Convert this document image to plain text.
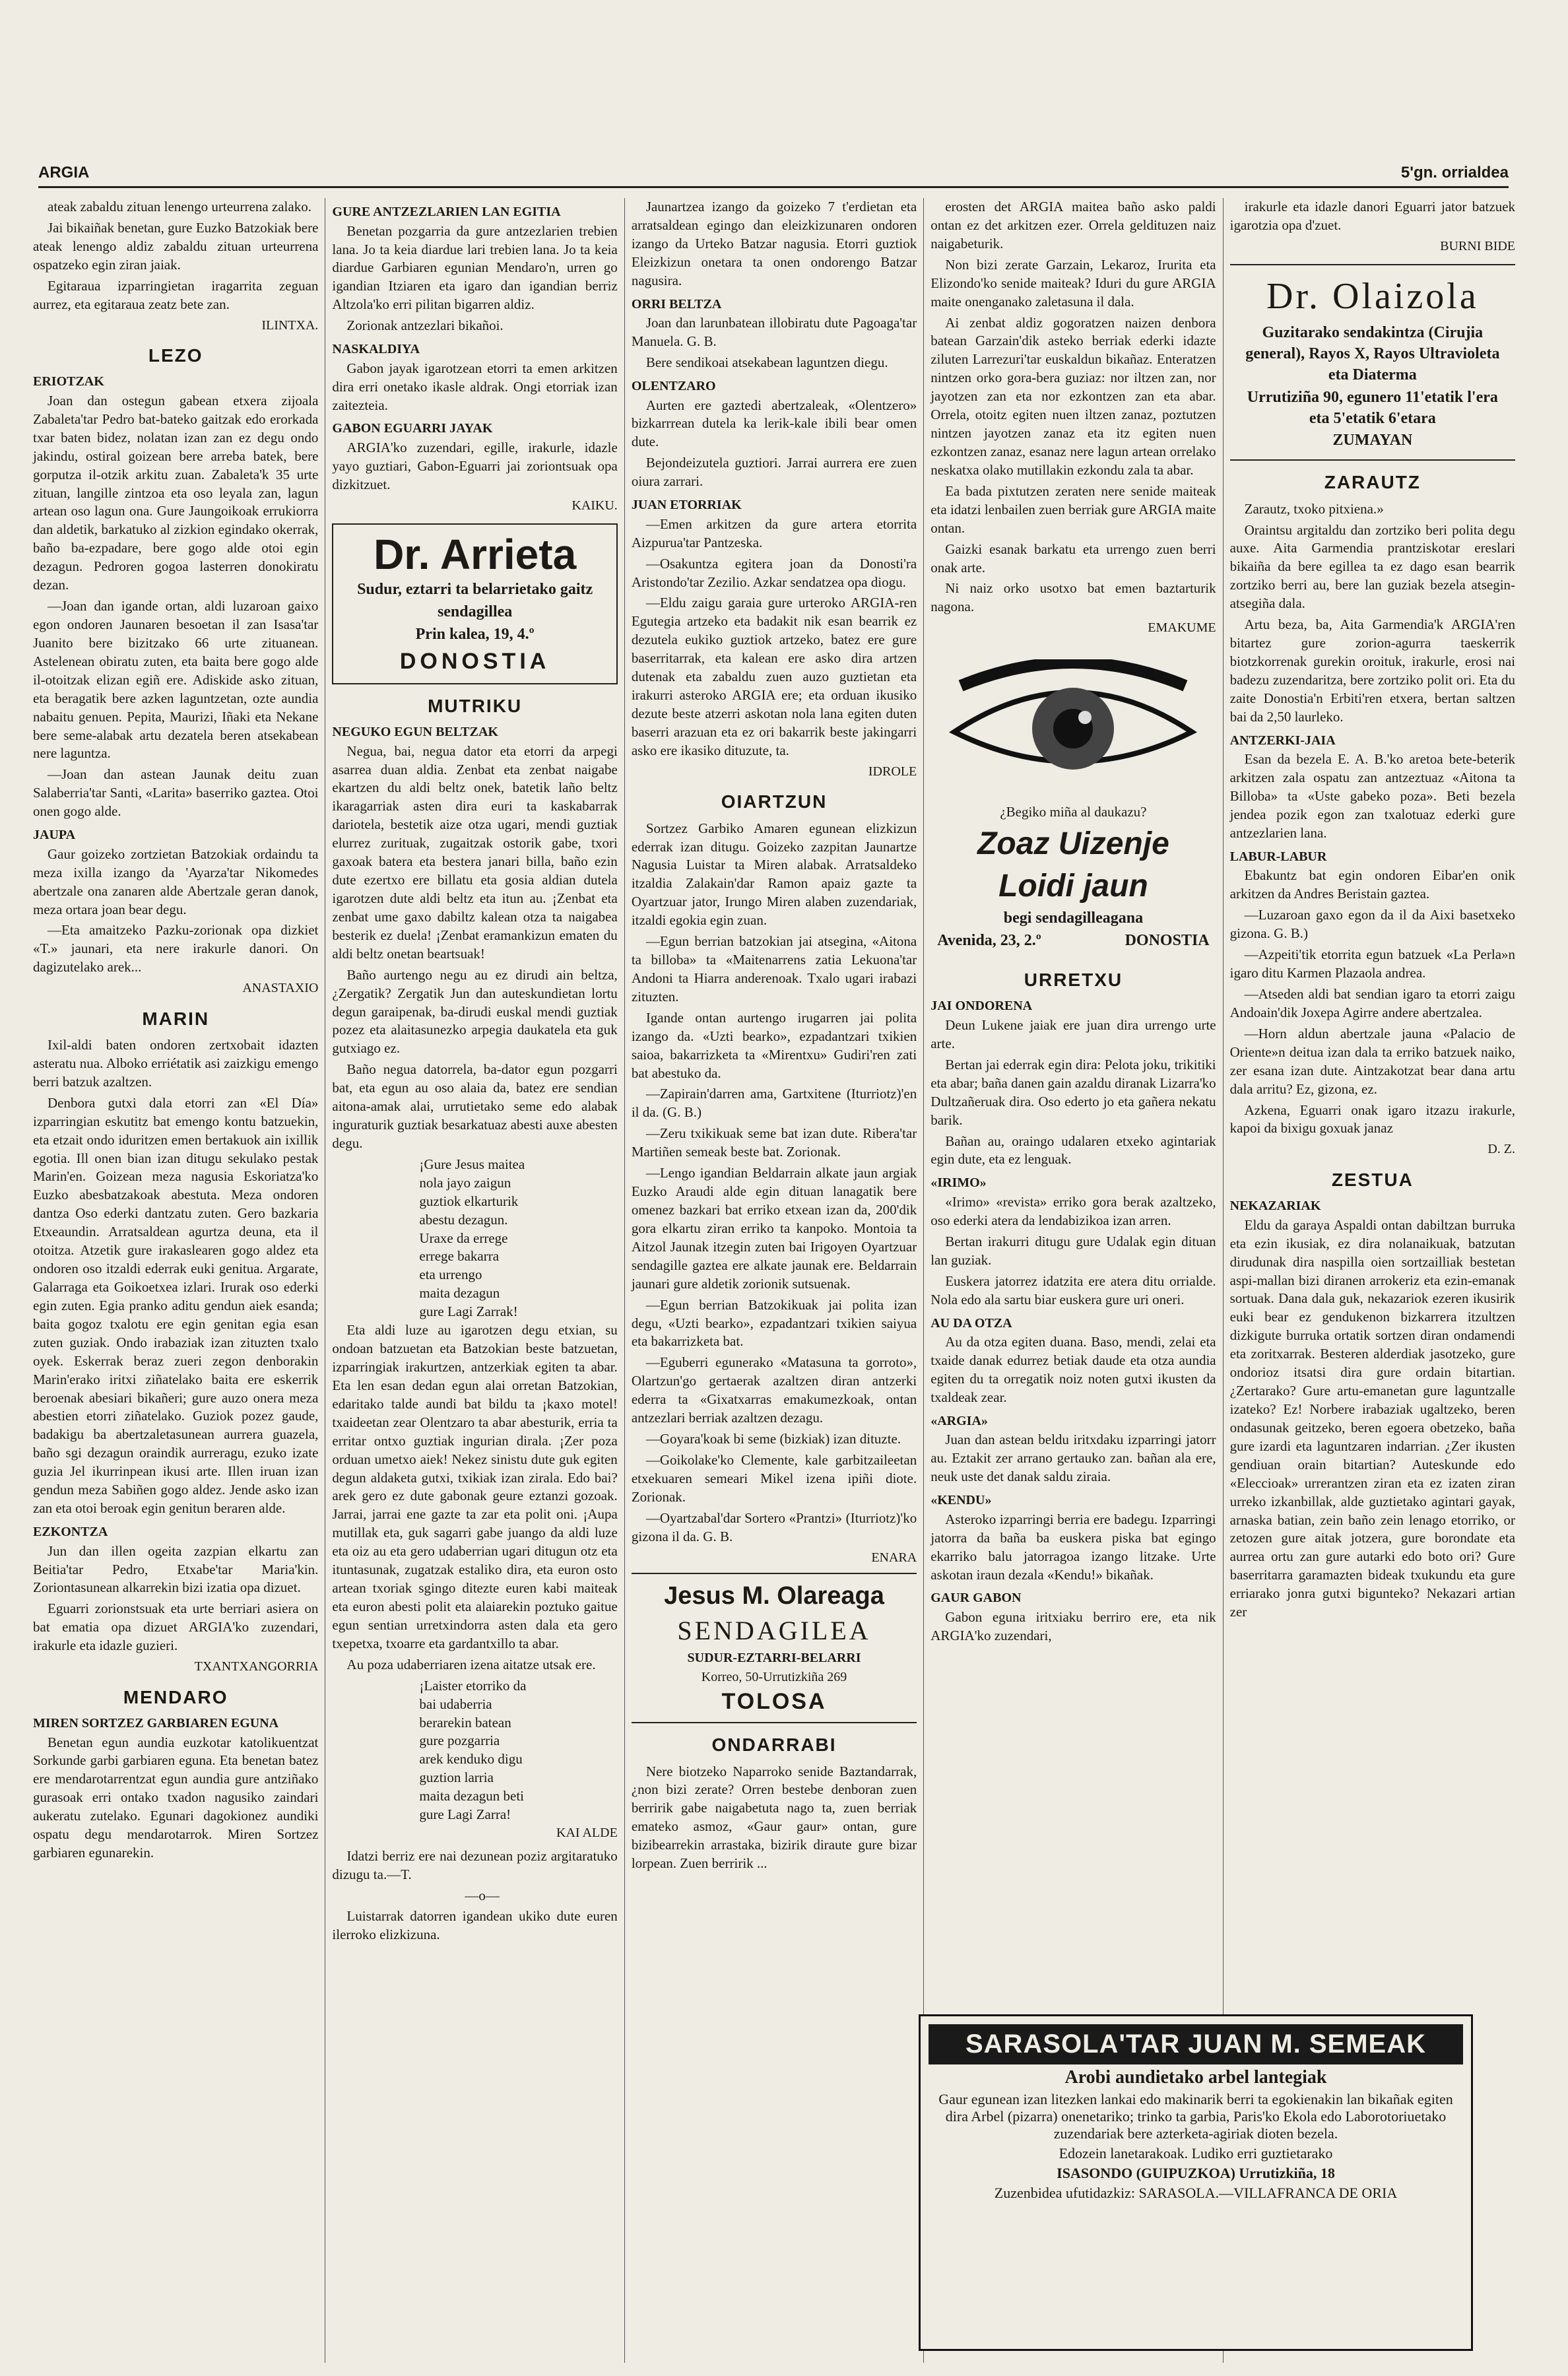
ARGIA	5'gn. orrialdea

ateak zabaldu zituan lenengo urteurrena zalako.

Jai bikaiñak benetan, gure Euzko Batzokiak bere ateak lenengo aldiz zabaldu zituan urteurrena ospatzeko egin ziran jaiak.

Egitaraua izparringietan iragarrita zeguan aurrez, eta egitaraua zeatz bete zan.

ILINTXA.

LEZO
ERIOTZAK

Joan dan ostegun gabean etxera zijoala Zabaleta'tar Pedro bat-bateko gaitzak edo erorkada txar baten bidez, nolatan izan zan ez degu ondo jakindu, ostiral goizean bere arreba batek, bere gorputza il-otzik arkitu zuan. Zabaleta'k 35 urte zituan, langille zintzoa eta oso leyala zan, lagun artean oso lagun ona. Gure Jaungoikoak errukiorra dan aldetik, barkatuko al zizkion egindako okerrak, baño ba-ezpadare, bere gogo alde otoi egin dezagun. Pedroren gogoa lasterren donokiratu dezan.

—Joan dan igande ortan, aldi luzaroan gaixo egon ondoren Jaunaren besoetan il zan Isasa'tar Juanito bere bizitzako 66 urte zituanean. Astelenean obiratu zuten, eta baita bere gogo alde il-otoitzak elizan egiñ ere. Adiskide asko zituan, eta beragatik bere azken laguntzetan, ozte aundia nabaitu genuen. Pepita, Maurizi, Iñaki eta Nekane bere seme-alabak artu dezatela beren atsekabean nere laguntza.

—Joan dan astean Jaunak deitu zuan Salaberria'tar Santi, «Larita» baserriko gaztea. Otoi onen gogo alde.

JAUPA

Gaur goizeko zortzietan Batzokiak ordaindu ta meza ixilla izango da 'Ayarza'tar Nikomedes abertzale ona zanaren alde Abertzale geran danok, meza ortara joan bear degu.

—Eta amaitzeko Pazku-zorionak opa dizkiet «T.» jaunari, eta nere irakurle danori. On dagizutelako arek...

ANASTAXIO

MARIN

Ixil-aldi baten ondoren zertxobait idazten asteratu nua. Alboko erriétatik asi zaizkigu emengo berri batzuk azaltzen.

Denbora gutxi dala etorri zan «El Día» izparringian eskutitz bat emengo kontu batzuekin, eta etzait ondo iduritzen emen bertakuok ain ixillik egotia. Ill onen bian izan ditugu sekulako pestak Marin'en. Goizean meza nagusia Eskoriatza'ko Euzko abesbatzakoak abestuta. Meza ondoren dantza Oso ederki dantzatu zuten. Gero bazkaria Etxeaundin. Arratsaldean agurtza deuna, eta il otoitza. Atzetik gure irakaslearen gogo aldez eta ondoren oso itzaldi ederrak euki genitua. Argarate, Galarraga eta Goikoetxea izlari. Irurak oso ederki egin zuten. Egia pranko aditu gendun aiek esanda; baita gogoz txalotu ere egin genitan egia esan zuten guziak. Ondo irabaziak izan zituzten txalo oyek. Eskerrak beraz zueri zegon denborakin Marin'erako iritxi ziñatelako baita ere eskerrik beroenak abesiari bikañeri; gure auzo onera meza abestien etorri ziñatelako. Guziok pozez gaude, badakigu ba abertzaletasunean aurrera guazela, baño sgi dezagun oraindik aurreragu, ezuko izate guzia Jel ikurrinpean ikusi arte. Illen iruan izan gendun meza Sabiñen gogo aldez. Jende asko izan zan eta otoi beroak egin genitun beraren alde.

EZKONTZA

Jun dan illen ogeita zazpian elkartu zan Beitia'tar Pedro, Etxabe'tar Maria'kin. Zoriontasunean alkarrekin bizi izatia opa dizuet.

Eguarri zorionstsuak eta urte berriari asiera on bat ematia opa dizuet ARGIA'ko zuzendari, irakurle eta idazle guzieri.

TXANTXANGORRIA

MENDARO
MIREN SORTZEZ GARBIAREN EGUNA

Benetan egun aundia euzkotar katolikuentzat Sorkunde garbi garbiaren eguna. Eta benetan batez ere mendarotarrentzat egun aundia gure antziñako gurasoak erri ontako txadon nagusiko zaindari aukeratu zutelako. Egunari dagokionez aundiki ospatu degu mendarotarrok. Miren Sortzez garbiaren egunarekin.

GURE ANTZEZLARIEN LAN EGITIA

Benetan pozgarria da gure antzezlarien trebien lana. Jo ta keia diardue lari trebien lana. Jo ta keia diardue Garbiaren egunian Mendaro'n, urren go igandian Itziaren eta igaro dan igandian berriz Altzola'ko erri pilitan bigarren aldiz.

Zorionak antzezlari bikañoi.

NASKALDIYA

Gabon jayak igarotzean etorri ta emen arkitzen dira erri onetako ikasle aldrak. Ongi etorriak izan zaitezteia.

GABON EGUARRI JAYAK

ARGIA'ko zuzendari, egille, irakurle, idazle yayo guztiari, Gabon-Eguarri jai zoriontsuak opa dizkitzuet.

KAIKU.

Dr. Arrieta

Sudur, eztarri ta belarrietako gaitz

sendagillea

Prin kalea, 19, 4.º

DONOSTIA
MUTRIKU
NEGUKO EGUN BELTZAK

Negua, bai, negua dator eta etorri da arpegi asarrea duan aldia. Zenbat eta zenbat naigabe ekartzen du aldi beltz onek, batetik laño beltz ikaragarriak asten dira euri ta kaskabarrak dariotela, bestetik aize otza ugari, mendi guztiak elurrez zurituak, zugaitzak ostorik gabe, txori gaxoak batera eta bestera janari billa, baño ezin dute ezertxo ere billatu eta gosia aldian dutela igarotzen dute aldi beltz eta itun au. ¡Zenbat eta zenbat ume gaxo dabiltz kalean otza ta naigabea besterik ez duela! ¡Zenbat eramankizun ematen du aldi beltz onetan beartsuak!

Baño aurtengo negu au ez dirudi ain beltza, ¿Zergatik? Zergatik Jun dan auteskundietan lortu degun garaipenak, ba-dirudi euskal mendi guztiak pozez eta alaitasunezko arpegia daukatela eta guk gutxiago ez.

Baño negua datorrela, ba-dator egun pozgarri bat, eta egun au oso alaia da, batez ere sendian aitona-amak alai, urrutietako seme edo alabak inguraturik guztiak besarkatuaz abesti auxe abesten degu.

¡Gure Jesus maitea

nola jayo zaigun

guztiok elkarturik

abestu dezagun.

Uraxe da errege

errege bakarra

eta urrengo

maita dezagun

gure Lagi Zarrak!

Eta aldi luze au igarotzen degu etxian, su ondoan batzuetan eta Batzokian beste batzuetan, izparringiak irakurtzen, antzerkiak egiten ta abar. Eta len esan dedan egun alai orretan Batzokian, edaritako talde aundi bat bildu ta ¡kaxo motel! txaideetan zear Olentzaro ta abar abesturik, erria ta erritar ontxo guztiak ingurian dirala. ¡Zer poza orduan umetxo aiek! Nekez sinistu dute guk egiten degun aldaketa gutxi, txikiak izan zirala. Edo bai? arek gero ez dute gabonak geure eztanzi gozoak. Jarrai, jarrai ene gazte ta zar eta polit oni. ¡Aupa mutillak eta, guk sagarri gabe juango da aldi luze eta oiz au eta gero udaberrian ugari ditugun otz eta ituntasunak, zugatzak estaliko dira, eta euron osto artean txoriak sgingo ditezte euren kabi maiteak eta euron abesti polit eta alaiarekin poztuko gaitue egun sentian urretxindorra asten dala eta gero txepetxa, txoarre eta gardantxillo ta abar.

Au poza udaberriaren izena aitatze utsak ere.

¡Laister etorriko da

bai udaberria

berarekin batean

gure pozgarria

arek kenduko digu

guztion larria

maita dezagun beti

gure Lagi Zarra!

KAI ALDE

Idatzi berriz ere nai dezunean poziz argitaratuko dizugu ta.—T.

—o—

Luistarrak datorren igandean ukiko dute euren ilerroko elizkizuna.

Jaunartzea izango da goizeko 7 t'erdietan eta arratsaldean egingo dan eleizkizunaren ondoren izango da Urteko Batzar nagusia. Etorri guztiok Eleizkizun onetara ta onen ondorengo Batzar nagusira.

ORRI BELTZA

Joan dan larunbatean illobiratu dute Pagoaga'tar Manuela. G. B.

Bere sendikoai atsekabean laguntzen diegu.

OLENTZARO

Aurten ere gaztedi abertzaleak, «Olentzero» bizkarrrean dutela ka lerik-kale ibili bear omen dute.

Bejondeizutela guztiori. Jarrai aurrera ere zuen oiura zarrari.

JUAN ETORRIAK

—Emen arkitzen da gure artera etorrita Aizpurua'tar Pantzeska.

—Osakuntza egitera joan da Donosti'ra Aristondo'tar Zezilio. Azkar sendatzea opa diogu.

—Eldu zaigu garaia gure urteroko ARGIA-ren Egutegia artzeko eta badakit nik esan bearrik ez dezutela eukiko guztiok artzeko, batez ere gure baserritarrak, eta kalean ere asko dira artzen dutenak eta zabaldu zuen auzo guztietan eta irakurri asteroko ARGIA ere; eta orduan ikusiko dezute beste atzerri askotan nola lana egiten duten baserri arazuan eta ez ori bakarrik beste jakingarri asko ere ikasiko dituzute, ta.

IDROLE

OIARTZUN

Sortzez Garbiko Amaren egunean elizkizun ederrak izan ditugu. Goizeko zazpitan Jaunartze Nagusia Luistar ta Miren alabak. Arratsaldeko itzaldia Zalakain'dar Ramon apaiz gazte ta Oyartzuar jator, Irungo Miren alaben zuzendariak, itzaldi egokia egin zuan.

—Egun berrian batzokian jai atsegina, «Aitona ta billoba» ta «Maitenarrens zatia Lekuona'tar Andoni ta Hiarra anderenoak. Txalo ugari irabazi zituzten.

Igande ontan aurtengo irugarren jai polita izango da. «Uzti bearko», ezpadantzari txikien saioa, bakarrizketa ta «Mirentxu» Gudiri'ren zati bat abestuko da.

—Zapirain'darren ama, Gartxitene (Iturriotz)'en il da. (G. B.)

—Zeru txikikuak seme bat izan dute. Ribera'tar Martiñen semeak beste bat. Zorionak.

—Lengo igandian Beldarrain alkate jaun argiak Euzko Araudi alde egin dituan lanagatik bere omenez bazkari bat erriko etxean izan da, 200'dik gora elkartu ziran erriko ta kanpoko. Montoia ta Aitzol Jaunak itzegin zuten bai Irigoyen Oyartzuar sendagille gaztea ere alkate jaunak ere. Beldarrain jaunari gure aldetik zorionik sutsuenak.

—Egun berrian Batzokikuak jai polita izan degu, «Uzti bearko», ezpadantzari txikien saiyua eta bakarrizketa bat.

—Eguberri egunerako «Matasuna ta gorroto», Olartzun'go gertaerak azaltzen diran antzerki ederra ta «Gixatxarras emakumezkoak, ontan antzezlari berriak azaltzen dezagu.

—Goyara'koak bi seme (bizkiak) izan dituzte.

—Goikolake'ko Clemente, kale garbitzaileetan etxekuaren semeari Mikel izena ipiñi diote. Zorionak.

—Oyartzabal'dar Sortero «Prantzi» (Iturriotz)'ko gizona il da. G. B.

ENARA

Jesus M. Olareaga
SENDAGILEA

SUDUR-EZTARRI-BELARRI

Korreo, 50-Urrutizkiña 269

TOLOSA
ONDARRABI

Nere biotzeko Naparroko senide Baztandarrak, ¿non bizi zerate? Orren bestebe denboran zuen berririk gabe naigabetuta nago ta, zuen berriak emateko asmoz, «Gaur gaur» ontan, gure bizibearrekin arrastaka, bizirik diraute gure bizar lorpean. Zuen berririk ...

erosten det ARGIA maitea baño asko paldi ontan ez det arkitzen ezer. Orrela geldituzen naiz naigabeturik.

Non bizi zerate Garzain, Lekaroz, Irurita eta Elizondo'ko senide maiteak? Iduri du gure ARGIA maite onenganako zaletasuna il dala.

Ai zenbat aldiz gogoratzen naizen denbora batean Garzain'dik asteko berriak ederki idazte ziluten Larrezuri'tar euskaldun bikañaz. Enteratzen nintzen orko gora-bera guziaz: nor iltzen zan, nor jayotzen zan eta nor ezkontzen zan eta abar. Orrela, otoitz egiten nuen iltzen zanaz, poztutzen nintzen jayotzen zanaz eta itz egiten nuen ezkontzen zanaz, esanaz nere lagun artean orrelako neskatxa olako mutillakin ezkondu zala ta abar.

Ea bada pixtutzen zeraten nere senide maiteak eta idatzi lenbailen zuen berriak gure ARGIA maite ontan.

Gaizki esanak barkatu eta urrengo zuen berri onak arte.

Ni naiz orko usotxo bat emen baztarturik nagona.

EMAKUME

¿Begiko miña al daukazu?

Zoaz Uizenje Loidi jaun

begi sendagilleagana

Avenida, 23, 2.º	DONOSTIA
URRETXU
JAI ONDORENA

Deun Lukene jaiak ere juan dira urrengo urte arte.

Bertan jai ederrak egin dira: Pelota joku, trikitiki eta abar; baña danen gain azaldu diranak Lizarra'ko Dultzañeruak dira. Oso ederto jo eta gañera nekatu barik.

Bañan au, oraingo udalaren etxeko agintariak egin dute, eta ez lenguak.

«IRIMO»

«Irimo» «revista» erriko gora berak azaltzeko, oso ederki atera da lendabizikoa izan arren.

Bertan irakurri ditugu gure Udalak egin dituan lan guziak.

Euskera jatorrez idatzita ere atera ditu orrialde. Nola edo ala sartu biar euskera gure uri oneri.

AU DA OTZA

Au da otza egiten duana. Baso, mendi, zelai eta txaide danak edurrez betiak daude eta otza aundia egiten du ta orregatik noiz noten gutxi ikusten da txaldeak zear.

«ARGIA»

Juan dan astean beldu iritxdaku izparringi jatorr au. Eztakit zer arrano gertauko zan. bañan ala ere, neuk uste det danak saldu ziraia.

«KENDU»

Asteroko izparringi berria ere badegu. Izparringi jatorra da baña ba euskera piska bat egingo ekarriko balu jatorragoa izango litzake. Urte askotan iraun dezala «Kendu!» bikañak.

GAUR GABON

Gabon eguna iritxiaku berriro ere, eta nik ARGIA'ko zuzendari,

irakurle eta idazle danori Eguarri jator batzuek igarotzia opa d'zuet.

BURNI BIDE

Dr. Olaizola

Guzitarako sendakintza (Cirujia general), Rayos X, Rayos Ultravioleta eta Diaterma

Urrutiziña 90, egunero 11'etatik l'era eta 5'etatik 6'etara

ZUMAYAN

ZARAUTZ

Zarautz, txoko pitxiena.»

Oraintsu argitaldu dan zortziko beri polita degu auxe. Aita Garmendia prantziskotar ereslari bikaiña da bere egillea ta ez dago esan bearrik zortziko berri au, bere lan guziak bezela atsegin-atsegiña dala.

Artu beza, ba, Aita Garmendia'k ARGIA'ren bitartez gure zorion-agurra taeskerrik biotzkorrenak gurekin oroituk, irakurle, erosi nai badezu zuzendaritza, bere zortziko polit ori. Eta du zaite Donostia'n Erbiti'ren etxera, bertan saltzen bai da 2,50 laurleko.

ANTZERKI-JAIA

Esan da bezela E. A. B.'ko aretoa bete-beterik arkitzen zala ospatu zan antzeztuaz «Aitona ta Billoba» ta «Uste gabeko poza». Beti bezela jendea pozik egon zan txalotuaz ederki gure antzezlarien lana.

LABUR-LABUR

Ebakuntz bat egin ondoren Eibar'en onik arkitzen da Andres Beristain gaztea.

—Luzaroan gaxo egon da il da Aixi basetxeko gizona. G. B.)

—Azpeiti'tik etorrita egun batzuek «La Perla»n igaro ditu Karmen Plazaola andrea.

—Atseden aldi bat sendian igaro ta etorri zaigu Andoain'dik Joxepa Agirre andere abertzalea.

—Horn aldun abertzale jauna «Palacio de Oriente»n deitua izan dala ta erriko batzuek naiko, zer esana izan dute. Aintzakotzat bear dana artu dala arritu? Ez, gizona, ez.

Azkena, Eguarri onak igaro itzazu irakurle, kapoi da bixigu goxuak janaz

D. Z.

ZESTUA
NEKAZARIAK

Eldu da garaya Aspaldi ontan dabiltzan burruka eta ezin ikusiak, ez dira nolanaikuak, batzutan dirudunak dira naspilla oien sortzailliak bestetan aspi-mallan bizi diranen arrokeriz eta ezin-emanak sortuak. Dana dala guk, nekazariok ezeren ikusirik euki bear ez gendukenon bizkarrera itzultzen dizkigute burruka ortatik sortzen diran ondamendi eta zoritxarrak. Besteren alderdiak jasotzeko, gure ondorioz itsatsi dira gure ordain bitartian. ¿Zertarako? Gure artu-emanetan gure laguntzalle izateko? Ez! Norbere irabaziak ugaltzeko, beren ondasunak geitzeko, beren egoera obetzeko, baña gure izardi eta laguntzaren indarrian. ¿Zer ikusten gendiuan orain bitartian? Auteskunde edo «Eleccioak» urrerantzen ziran eta ez izaten ziran urreko izkanbillak, alde guztietako agintari gayak, arnaska batian, zein baño zein lenago etorriko, or zetozen gure aitak jotzera, gure borondate eta aurrea ortu zan gure autarki edo boto ori? Gure baserritarra garamazten bideak txukundu eta gure erriarako jonra gutxi bigunteko? Nekazari artian zer

SARASOLA'TAR JUAN M. SEMEAK

Arobi aundietako arbel lantegiak

Gaur egunean izan litezken lankai edo makinarik berri ta egokienakin lan bikañak egiten dira Arbel (pizarra) onenetariko; trinko ta garbia, Paris'ko Ekola edo Laborotoriuetako zuzendariak bere azterketa-agiriak dioten bezela.

Edozein lanetarakoak. Ludiko erri guztietarako

ISASONDO (GUIPUZKOA) Urrutizkiña, 18

Zuzenbidea ufutidazkiz: SARASOLA.—VILLAFRANCA DE ORIA
